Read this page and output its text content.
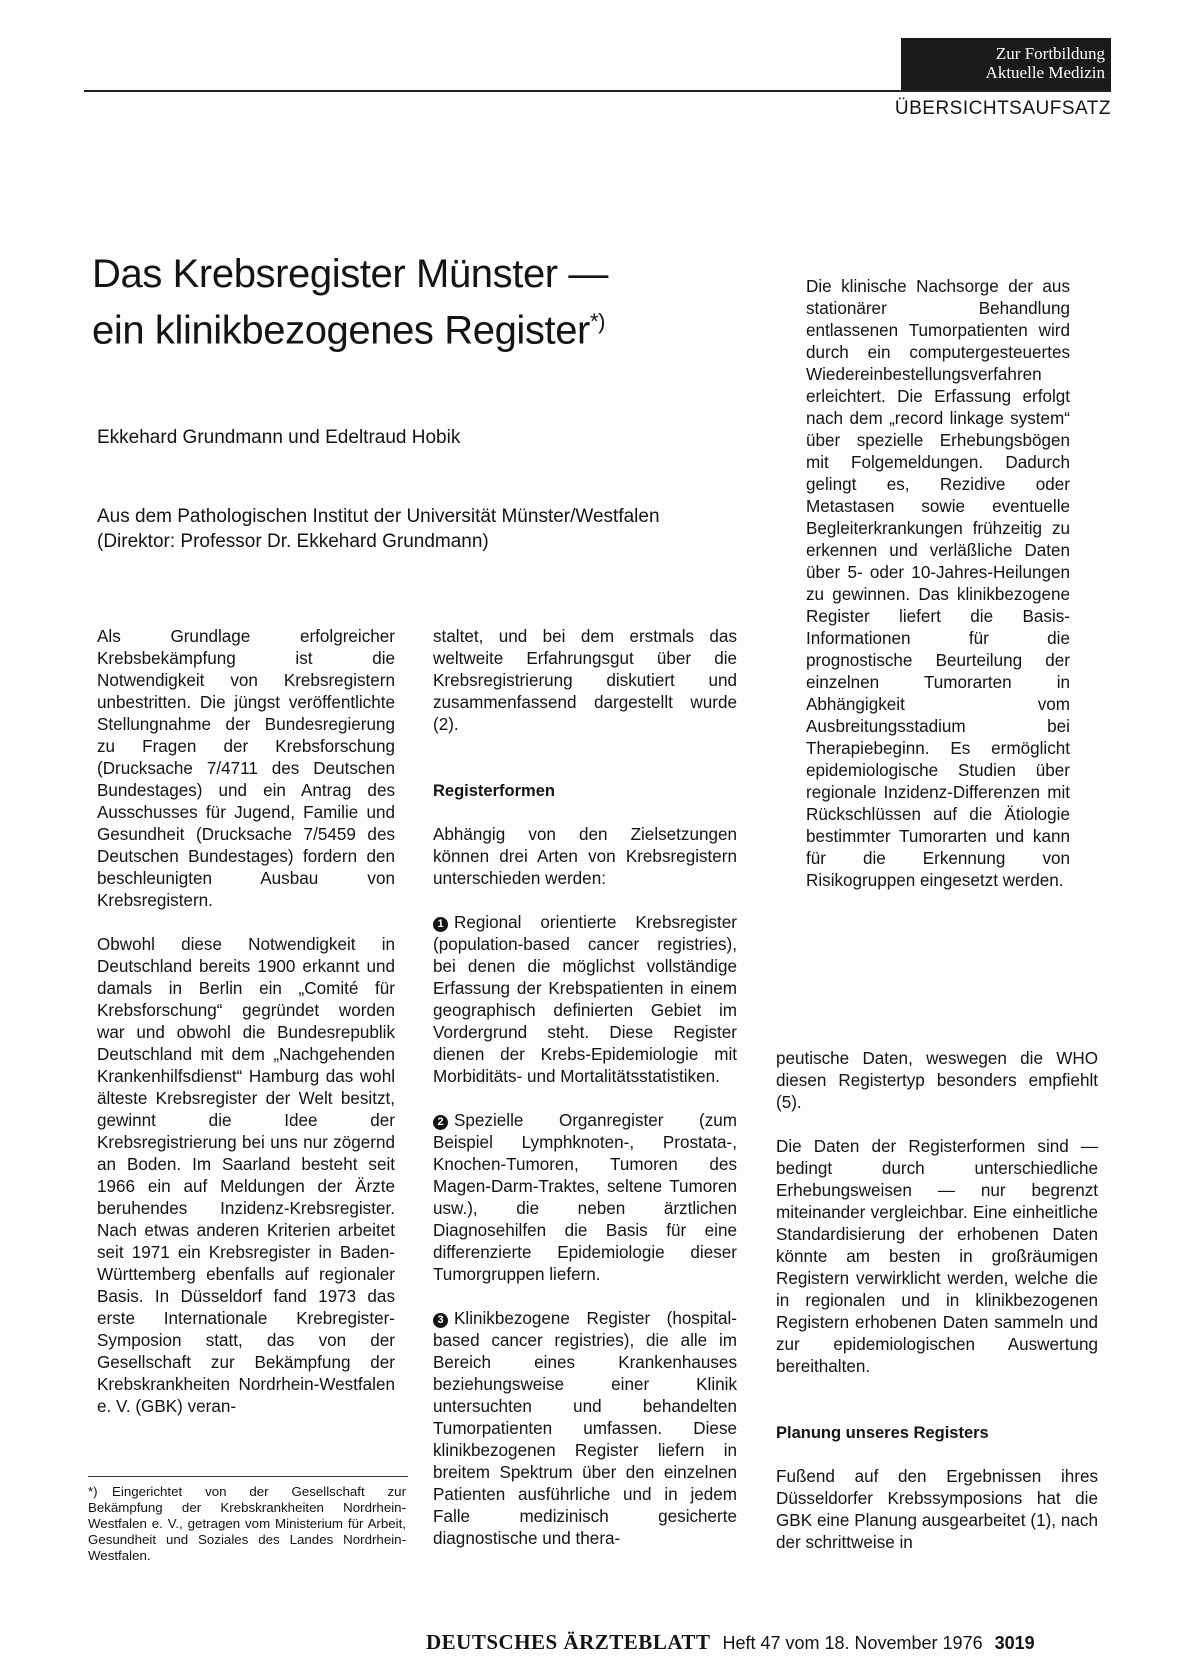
Zur Fortbildung
Aktuelle Medizin
ÜBERSICHTSAUFSATZ
Das Krebsregister Münster —
ein klinikbezogenes Register*)
Ekkehard Grundmann und Edeltraud Hobik
Aus dem Pathologischen Institut der Universität Münster/Westfalen
(Direktor: Professor Dr. Ekkehard Grundmann)

Als Grundlage erfolgreicher Krebsbekämpfung ist die Notwendigkeit von Krebsregistern unbestritten. Die jüngst veröffentlichte Stellungnahme der Bundesregierung zu Fragen der Krebsforschung (Drucksache 7/4711 des Deutschen Bundestages) und ein Antrag des Ausschusses für Jugend, Familie und Gesundheit (Drucksache 7/5459 des Deutschen Bundestages) fordern den beschleunigten Ausbau von Krebsregistern.

Obwohl diese Notwendigkeit in Deutschland bereits 1900 erkannt und damals in Berlin ein „Comité für Krebsforschung“ gegründet worden war und obwohl die Bundesrepublik Deutschland mit dem „Nachgehenden Krankenhilfsdienst“ Hamburg das wohl älteste Krebsregister der Welt besitzt, gewinnt die Idee der Krebsregistrierung bei uns nur zögernd an Boden. Im Saarland besteht seit 1966 ein auf Meldungen der Ärzte beruhendes Inzidenz-Krebsregister. Nach etwas anderen Kriterien arbeitet seit 1971 ein Krebsregister in Baden-Württemberg ebenfalls auf regionaler Basis. In Düsseldorf fand 1973 das erste Internationale Krebregister-Symposion statt, das von der Gesellschaft zur Bekämpfung der Krebskrankheiten Nordrhein-Westfalen e. V. (GBK) veran-

staltet, und bei dem erstmals das weltweite Erfahrungsgut über die Krebsregistrierung diskutiert und zusammenfassend dargestellt wurde (2).

Registerformen

Abhängig von den Zielsetzungen können drei Arten von Krebsregistern unterschieden werden:

1 Regional orientierte Krebsregister (population-based cancer registries), bei denen die möglichst vollständige Erfassung der Krebspatienten in einem geographisch definierten Gebiet im Vordergrund steht. Diese Register dienen der Krebs-Epidemiologie mit Morbiditäts- und Mortalitätsstatistiken.

2 Spezielle Organregister (zum Beispiel Lymphknoten-, Prostata-, Knochen-Tumoren, Tumoren des Magen-Darm-Traktes, seltene Tumoren usw.), die neben ärztlichen Diagnosehilfen die Basis für eine differenzierte Epidemiologie dieser Tumorgruppen liefern.

3 Klinikbezogene Register (hospital-based cancer registries), die alle im Bereich eines Krankenhauses beziehungsweise einer Klinik untersuchten und behandelten Tumorpatienten umfassen. Diese klinikbezogenen Register liefern in breitem Spektrum über den einzelnen Patienten ausführliche und in jedem Falle medizinisch gesicherte diagnostische und thera-

Die klinische Nachsorge der aus stationärer Behandlung entlassenen Tumorpatienten wird durch ein computergesteuertes Wiedereinbestellungsverfahren erleichtert. Die Erfassung erfolgt nach dem „record linkage system“ über spezielle Erhebungsbögen mit Folgemeldungen. Dadurch gelingt es, Rezidive oder Metastasen sowie eventuelle Begleiterkrankungen frühzeitig zu erkennen und verläßliche Daten über 5- oder 10-Jahres-Heilungen zu gewinnen. Das klinikbezogene Register liefert die Basis-Informationen für die prognostische Beurteilung der einzelnen Tumorarten in Abhängigkeit vom Ausbreitungsstadium bei Therapiebeginn. Es ermöglicht epidemiologische Studien über regionale Inzidenz-Differenzen mit Rückschlüssen auf die Ätiologie bestimmter Tumorarten und kann für die Erkennung von Risikogruppen eingesetzt werden.

peutische Daten, weswegen die WHO diesen Registertyp besonders empfiehlt (5).

Die Daten der Registerformen sind — bedingt durch unterschiedliche Erhebungsweisen — nur begrenzt miteinander vergleichbar. Eine einheitliche Standardisierung der erhobenen Daten könnte am besten in großräumigen Registern verwirklicht werden, welche die in regionalen und in klinikbezogenen Registern erhobenen Daten sammeln und zur epidemiologischen Auswertung bereithalten.

Planung unseres Registers

Fußend auf den Ergebnissen ihres Düsseldorfer Krebssymposions hat die GBK eine Planung ausgearbeitet (1), nach der schrittweise in

*) Eingerichtet von der Gesellschaft zur Bekämpfung der Krebskrankheiten Nordrhein-Westfalen e. V., getragen vom Ministerium für Arbeit, Gesundheit und Soziales des Landes Nordrhein-Westfalen.
DEUTSCHES ÄRZTEBLATT Heft 47 vom 18. November 1976 3019
